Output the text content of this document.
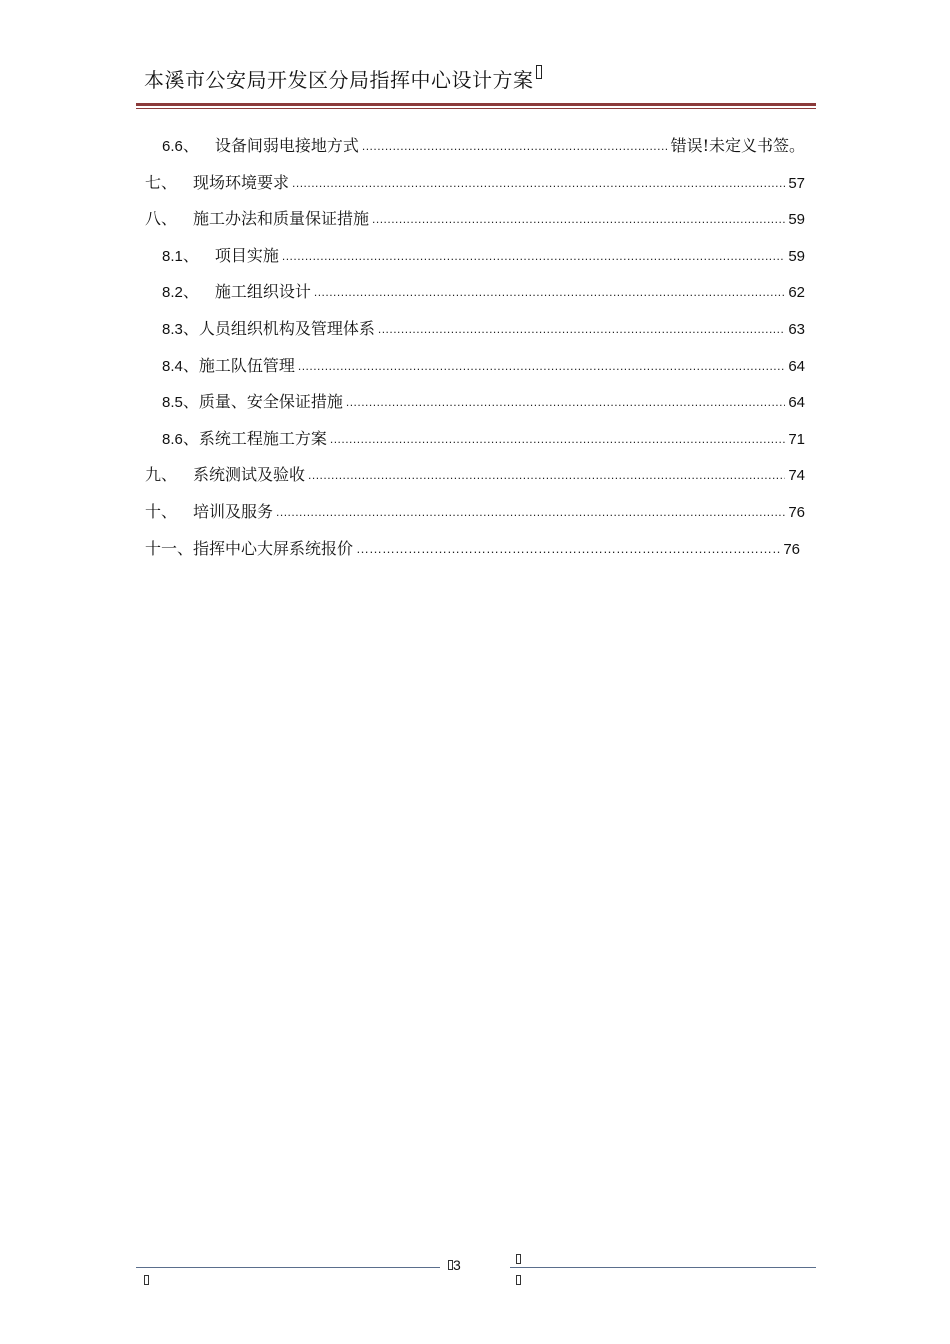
本溪市公安局开发区分局指挥中心设计方案
6.6 、 设备间弱电接地方式 .....	错误!未定义书签。
七 、 现场环境要求 .....	57
八 、 施工办法和质量保证措施 .....	59
8.1 、 项目实施 .....	59
8.2 、 施工组织设计 .....	62
8.3 、 人员组织机构及管理体系 .....	63
8.4 、 施工队伍管理 .....	64
8.5 、 质量、安全保证措施 .....	64
8.6 、 系统工程施工方案 .....	71
九 、 系统测试及验收 .....	74
十 、 培训及服务 .....	76
十一 、 指挥中心大屏系统报价 ………………………………………………………………………………………………………………………………………………	76
3
